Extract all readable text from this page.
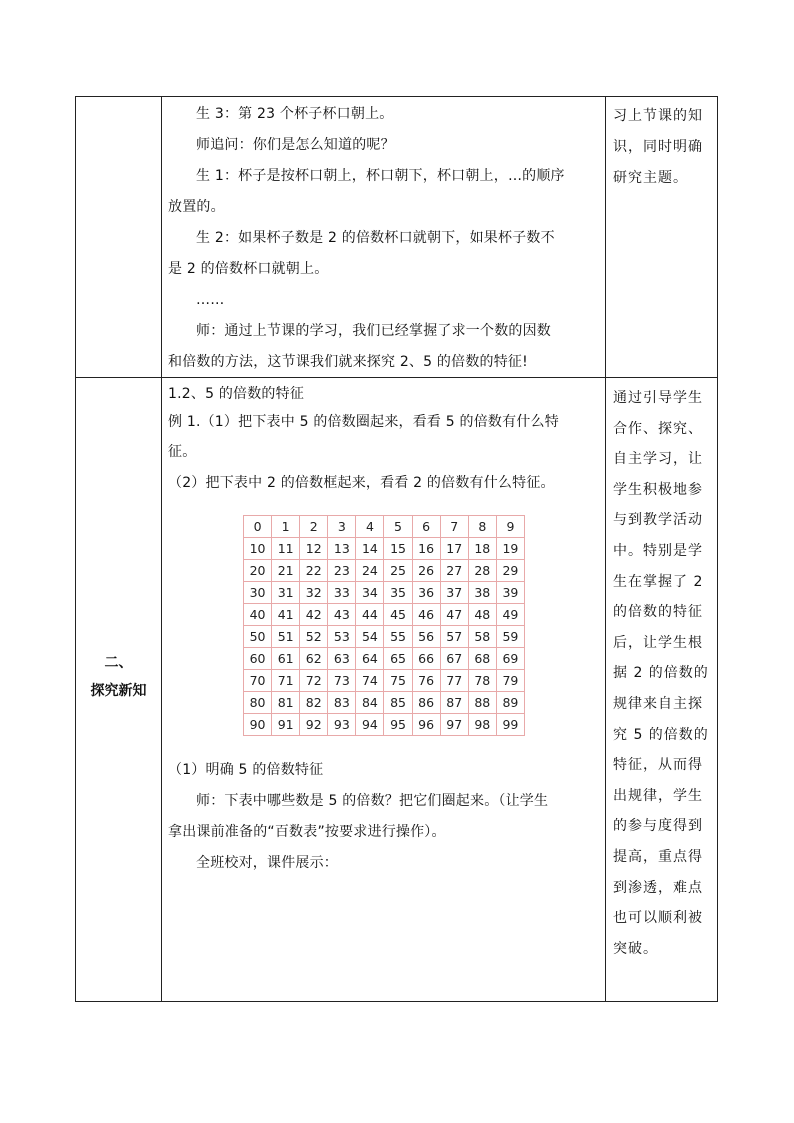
生 3：第 23 个杯子杯口朝上。
师追问：你们是怎么知道的呢？
生 1：杯子是按杯口朝上，杯口朝下，杯口朝上，…的顺序
放置的。
生 2：如果杯子数是 2 的倍数杯口就朝下，如果杯子数不
是 2 的倍数杯口就朝上。
……
师：通过上节课的学习，我们已经掌握了求一个数的因数
和倍数的方法，这节课我们就来探究 2、5 的倍数的特征!
习上节课的知
识，同时明确
研究主题。
二、
探究新知
1.2、5 的倍数的特征
例 1.（1）把下表中 5 的倍数圈起来，看看 5 的倍数有什么特
征。
（2）把下表中 2 的倍数框起来，看看 2 的倍数有什么特征。
0	1	2	3	4	5	6	7	8	9
10	11	12	13	14	15	16	17	18	19
20	21	22	23	24	25	26	27	28	29
30	31	32	33	34	35	36	37	38	39
40	41	42	43	44	45	46	47	48	49
50	51	52	53	54	55	56	57	58	59
60	61	62	63	64	65	66	67	68	69
70	71	72	73	74	75	76	77	78	79
80	81	82	83	84	85	86	87	88	89
90	91	92	93	94	95	96	97	98	99
（1）明确 5 的倍数特征
师：下表中哪些数是 5 的倍数？把它们圈起来。（让学生
拿出课前准备的“百数表”按要求进行操作）。
全班校对，课件展示：
通过引导学生
合作、探究、
自主学习，让
学生积极地参
与到教学活动
中。特别是学
生在掌握了 2
的倍数的特征
后，让学生根
据 2 的倍数的
规律来自主探
究 5 的倍数的
特征，从而得
出规律，学生
的参与度得到
提高，重点得
到渗透，难点
也可以顺利被
突破。
